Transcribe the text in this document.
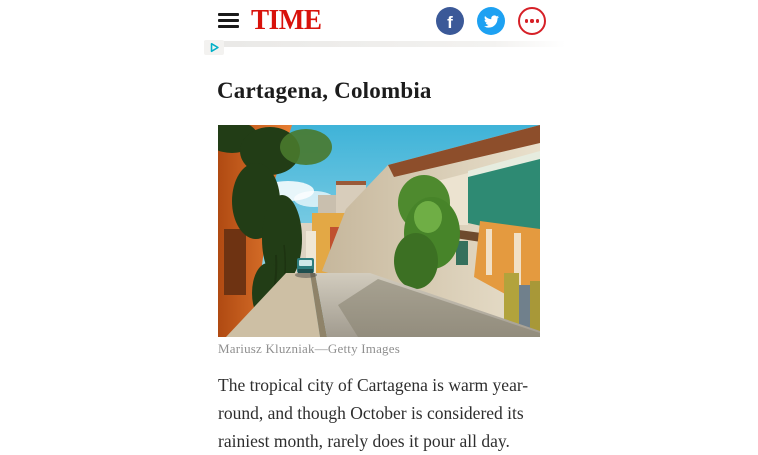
TIME	f
Cartagena, Colombia
Mariusz Kluzniak—Getty Images
The tropical city of Cartagena is warm year-
round, and though October is considered its
rainiest month, rarely does it pour all day.
